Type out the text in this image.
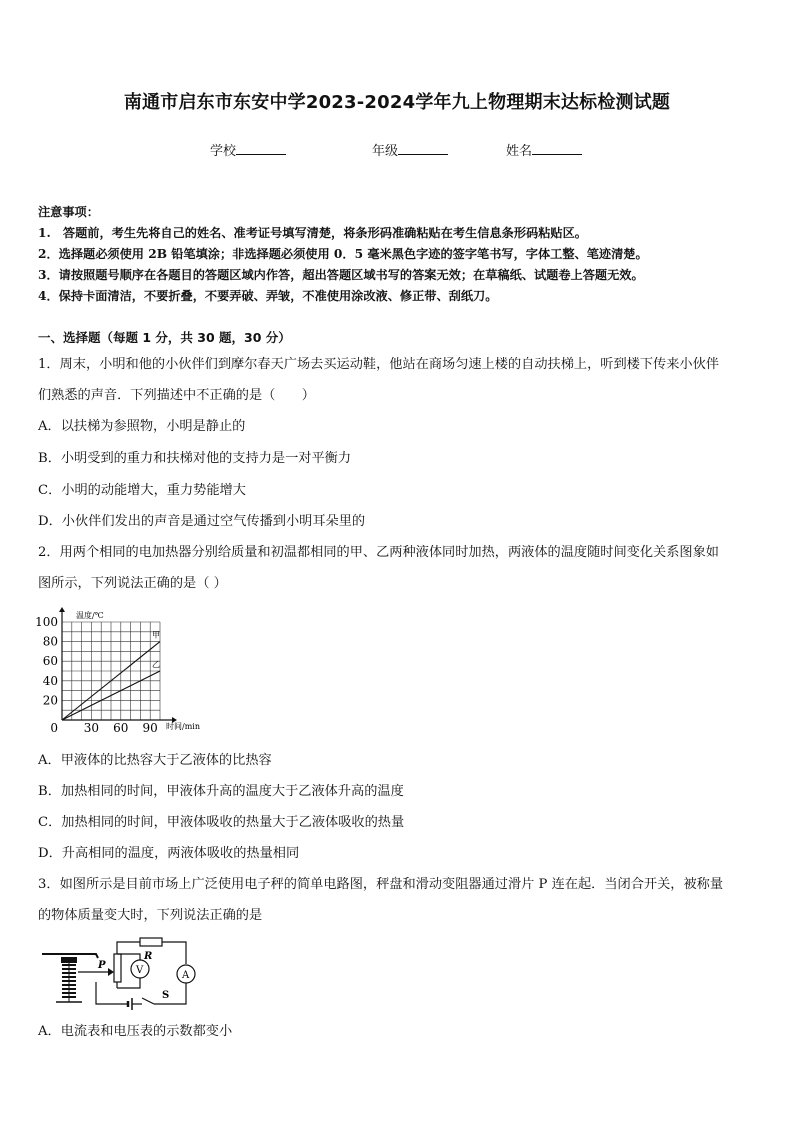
南通市启东市东安中学2023-2024学年九上物理期末达标检测试题
学校	年级	姓名
注意事项：

1.　答题前，考生先将自己的姓名、准考证号填写清楚，将条形码准确粘贴在考生信息条形码粘贴区。

2．选择题必须使用 2B 铅笔填涂；非选择题必须使用 0．5 毫米黑色字迹的签字笔书写，字体工整、笔迹清楚。

3．请按照题号顺序在各题目的答题区域内作答，超出答题区域书写的答案无效；在草稿纸、试题卷上答题无效。

4．保持卡面清洁，不要折叠，不要弄破、弄皱，不准使用涂改液、修正带、刮纸刀。

一、选择题（每题 1 分，共 30 题，30 分）
1．周末，小明和他的小伙伴们到摩尔春天广场去买运动鞋，他站在商场匀速上楼的自动扶梯上，听到楼下传来小伙伴
们熟悉的声音．下列描述中不正确的是（　　）
A．以扶梯为参照物，小明是静止的
B．小明受到的重力和扶梯对他的支持力是一对平衡力
C．小明的动能增大，重力势能增大
D．小伙伴们发出的声音是通过空气传播到小明耳朵里的
2．用两个相同的电加热器分别给质量和初温都相同的甲、乙两种液体同时加热，两液体的温度随时间变化关系图象如
图所示，下列说法正确的是（ ）
20
40
60
80
100
0 30 60 90
温度/℃
时间/min
甲
乙
A．甲液体的比热容大于乙液体的比热容
B．加热相同的时间，甲液体升高的温度大于乙液体升高的温度
C．加热相同的时间，甲液体吸收的热量大于乙液体吸收的热量
D．升高相同的温度，两液体吸收的热量相同
3．如图所示是目前市场上广泛使用电子秤的简单电路图，秤盘和滑动变阻器通过滑片 P 连在起．当闭合开关，被称量
的物体质量变大时，下列说法正确的是
P
R
A
S
V
A．电流表和电压表的示数都变小
